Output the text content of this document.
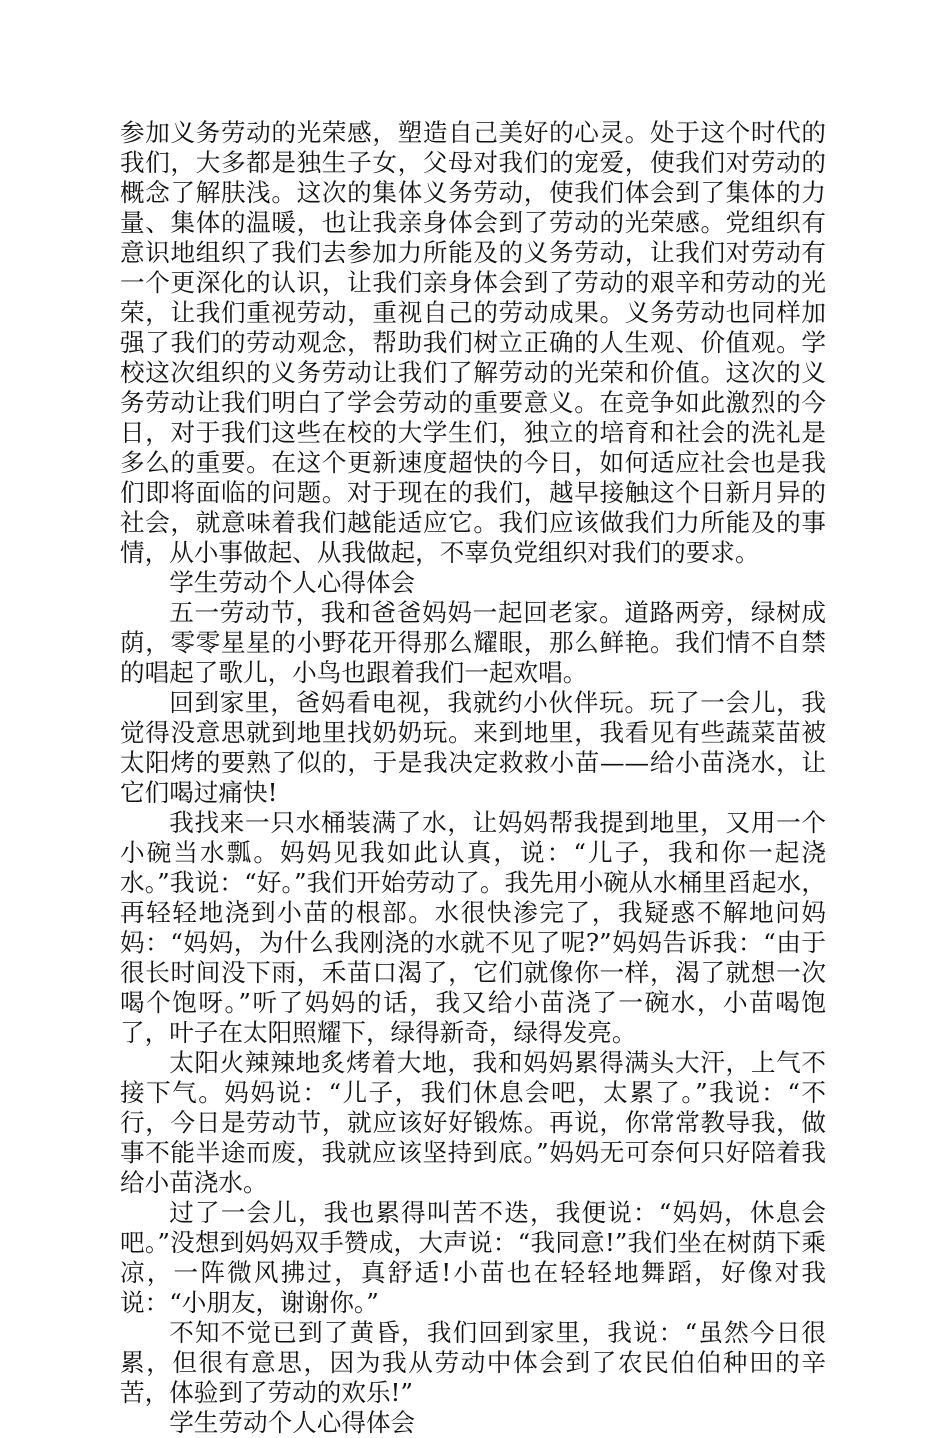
参加义务劳动的光荣感，塑造自己美好的心灵。处于这个时代的我们，大多都是独生子女，父母对我们的宠爱，使我们对劳动的概念了解肤浅。这次的集体义务劳动，使我们体会到了集体的力量、集体的温暖，也让我亲身体会到了劳动的光荣感。党组织有意识地组织了我们去参加力所能及的义务劳动，让我们对劳动有一个更深化的认识，让我们亲身体会到了劳动的艰辛和劳动的光荣，让我们重视劳动，重视自己的劳动成果。义务劳动也同样加强了我们的劳动观念，帮助我们树立正确的人生观、价值观。学校这次组织的义务劳动让我们了解劳动的光荣和价值。这次的义务劳动让我们明白了学会劳动的重要意义。在竞争如此激烈的今日，对于我们这些在校的大学生们，独立的培育和社会的洗礼是多么的重要。在这个更新速度超快的今日，如何适应社会也是我们即将面临的问题。对于现在的我们，越早接触这个日新月异的社会，就意味着我们越能适应它。我们应该做我们力所能及的事情，从小事做起、从我做起，不辜负党组织对我们的要求。

学生劳动个人心得体会

五一劳动节，我和爸爸妈妈一起回老家。道路两旁，绿树成荫，零零星星的小野花开得那么耀眼，那么鲜艳。我们情不自禁的唱起了歌儿，小鸟也跟着我们一起欢唱。

回到家里，爸妈看电视，我就约小伙伴玩。玩了一会儿，我觉得没意思就到地里找奶奶玩。来到地里，我看见有些蔬菜苗被太阳烤的要熟了似的，于是我决定救救小苗——给小苗浇水，让它们喝过痛快!

我找来一只水桶装满了水，让妈妈帮我提到地里，又用一个小碗当水瓢。妈妈见我如此认真，说：“儿子，我和你一起浇水。”我说：“好。”我们开始劳动了。我先用小碗从水桶里舀起水，再轻轻地浇到小苗的根部。水很快渗完了，我疑惑不解地问妈妈：“妈妈，为什么我刚浇的水就不见了呢?”妈妈告诉我：“由于很长时间没下雨，禾苗口渴了，它们就像你一样，渴了就想一次喝个饱呀。”听了妈妈的话，我又给小苗浇了一碗水，小苗喝饱了，叶子在太阳照耀下，绿得新奇，绿得发亮。

太阳火辣辣地炙烤着大地，我和妈妈累得满头大汗，上气不接下气。妈妈说：“儿子，我们休息会吧，太累了。”我说：“不行，今日是劳动节，就应该好好锻炼。再说，你常常教导我，做事不能半途而废，我就应该坚持到底。”妈妈无可奈何只好陪着我给小苗浇水。

过了一会儿，我也累得叫苦不迭，我便说：“妈妈，休息会吧。”没想到妈妈双手赞成，大声说：“我同意!”我们坐在树荫下乘凉，一阵微风拂过，真舒适!小苗也在轻轻地舞蹈，好像对我说：“小朋友，谢谢你。”

不知不觉已到了黄昏，我们回到家里，我说：“虽然今日很累，但很有意思，因为我从劳动中体会到了农民伯伯种田的辛苦，体验到了劳动的欢乐!”

学生劳动个人心得体会
